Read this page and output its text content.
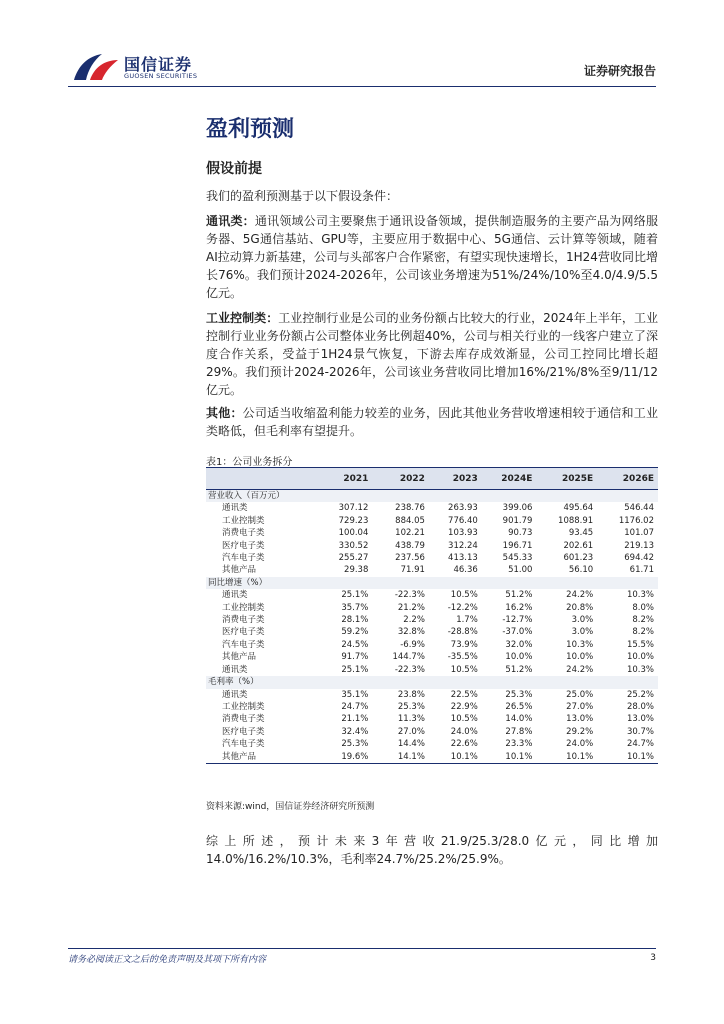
国信证券
GUOSEN SECURITIES	证券研究报告
盈利预测
假设前提

我们的盈利预测基于以下假设条件：

通讯类：通讯领域公司主要聚焦于通讯设备领域，提供制造服务的主要产品为网络服务器、5G通信基站、GPU等，主要应用于数据中心、5G通信、云计算等领域，随着AI拉动算力新基建，公司与头部客户合作紧密，有望实现快速增长，1H24营收同比增长76%。我们预计2024-2026年，公司该业务增速为51%/24%/10%至4.0/4.9/5.5亿元。

工业控制类：工业控制行业是公司的业务份额占比较大的行业，2024年上半年，工业控制行业业务份额占公司整体业务比例超40%，公司与相关行业的一线客户建立了深度合作关系，受益于1H24景气恢复，下游去库存成效渐显，公司工控同比增长超29%。我们预计2024-2026年，公司该业务营收同比增加16%/21%/8%至9/11/12亿元。

其他：公司适当收缩盈利能力较差的业务，因此其他业务营收增速相较于通信和工业类略低，但毛利率有望提升。

表1：公司业务拆分
	2021	2022	2023	2024E	2025E	2026E
营业收入（百万元）						
通讯类	307.12	238.76	263.93	399.06	495.64	546.44
工业控制类	729.23	884.05	776.40	901.79	1088.91	1176.02
消费电子类	100.04	102.21	103.93	90.73	93.45	101.07
医疗电子类	330.52	438.79	312.24	196.71	202.61	219.13
汽车电子类	255.27	237.56	413.13	545.33	601.23	694.42
其他产品	29.38	71.91	46.36	51.00	56.10	61.71
同比增速（%）						
通讯类	25.1%	-22.3%	10.5%	51.2%	24.2%	10.3%
工业控制类	35.7%	21.2%	-12.2%	16.2%	20.8%	8.0%
消费电子类	28.1%	2.2%	1.7%	-12.7%	3.0%	8.2%
医疗电子类	59.2%	32.8%	-28.8%	-37.0%	3.0%	8.2%
汽车电子类	24.5%	-6.9%	73.9%	32.0%	10.3%	15.5%
其他产品	91.7%	144.7%	-35.5%	10.0%	10.0%	10.0%
通讯类	25.1%	-22.3%	10.5%	51.2%	24.2%	10.3%
毛利率（%）						
通讯类	35.1%	23.8%	22.5%	25.3%	25.0%	25.2%
工业控制类	24.7%	25.3%	22.9%	26.5%	27.0%	28.0%
消费电子类	21.1%	11.3%	10.5%	14.0%	13.0%	13.0%
医疗电子类	32.4%	27.0%	24.0%	27.8%	29.2%	30.7%
汽车电子类	25.3%	14.4%	22.6%	23.3%	24.0%	24.7%
其他产品	19.6%	14.1%	10.1%	10.1%	10.1%	10.1%
资料来源:wind，国信证券经济研究所预测

综上所述，预计未来3年营收21.9/25.3/28.0亿元，同比增加
14.0%/16.2%/10.3%，毛利率24.7%/25.2%/25.9%。

请务必阅读正文之后的免责声明及其项下所有内容	3
